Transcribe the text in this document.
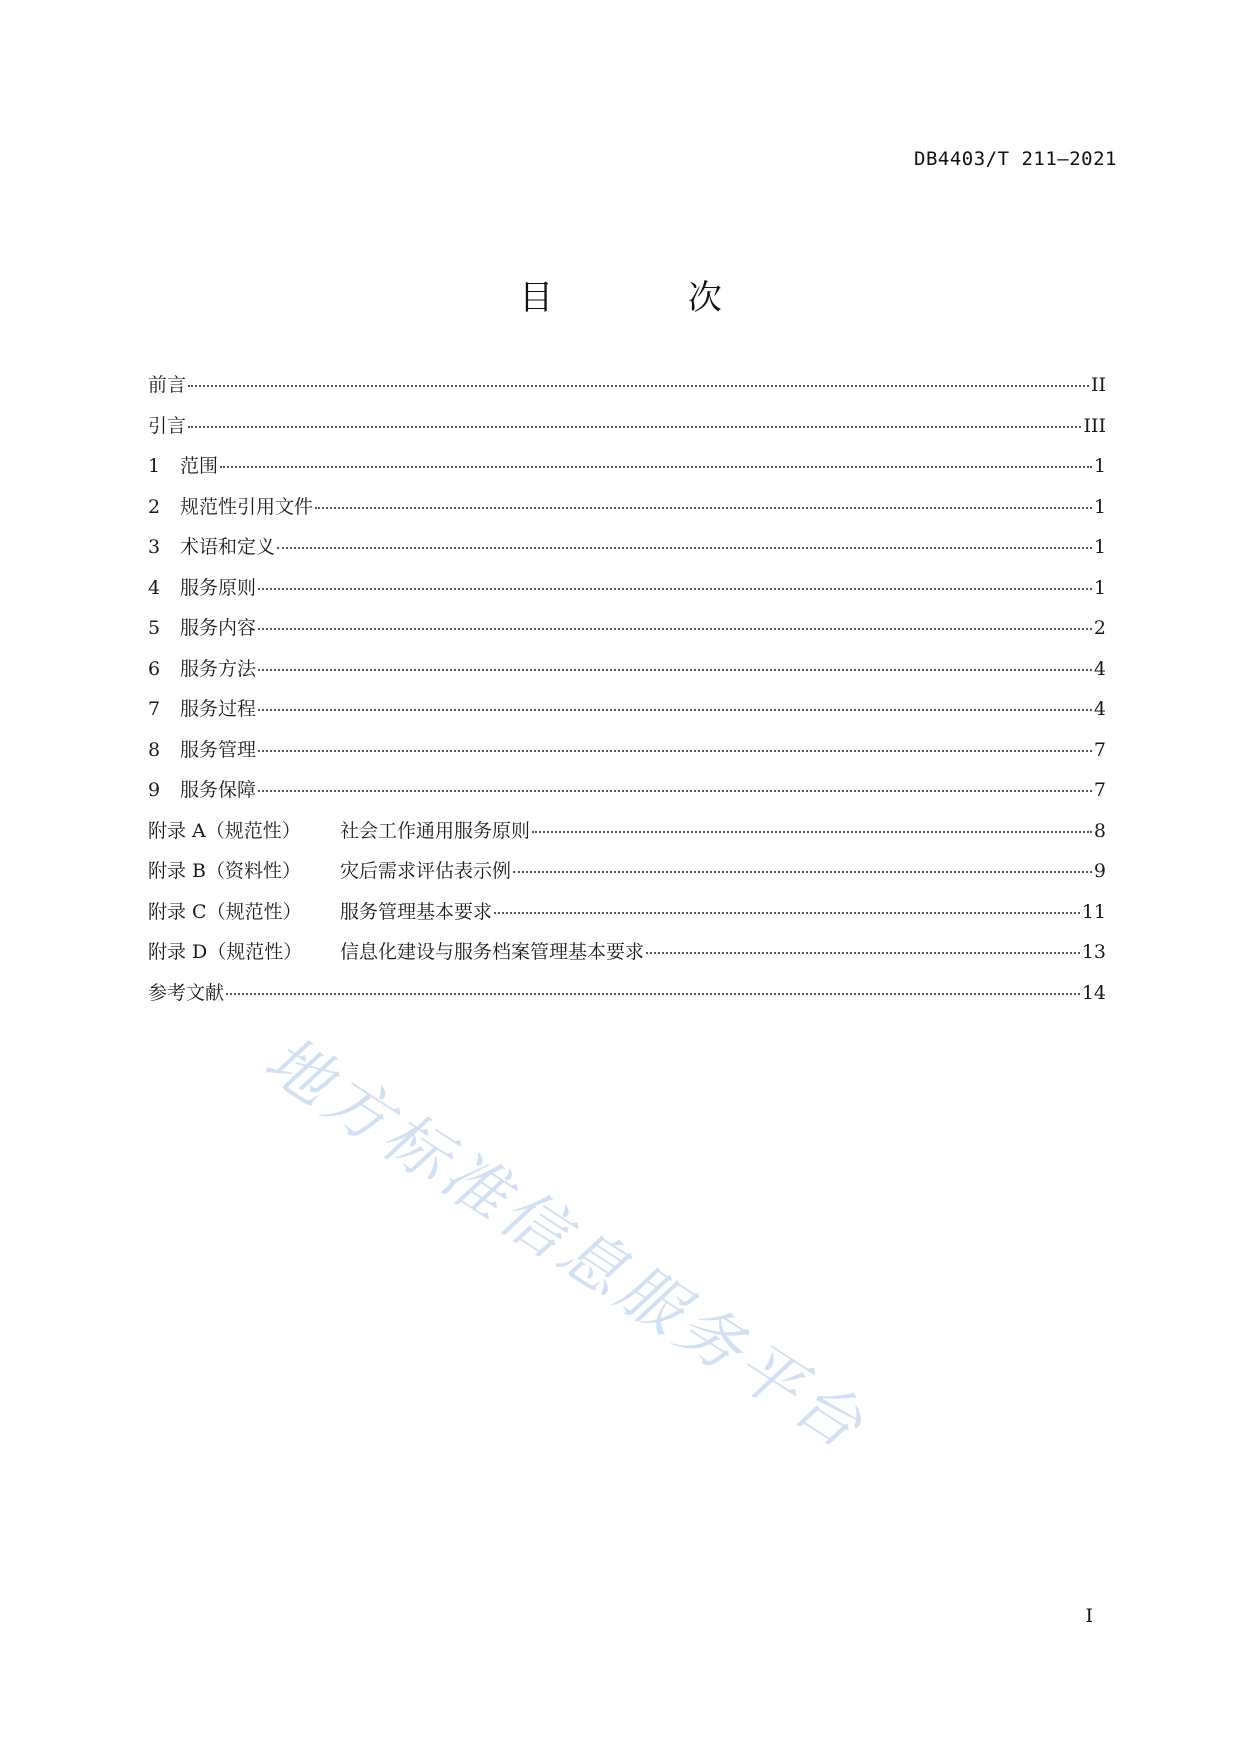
DB4403/T 211—2021
目 次
前言	II
引言	III
1 范围	1
2 规范性引用文件	1
3 术语和定义	1
4 服务原则	1
5 服务内容	2
6 服务方法	4
7 服务过程	4
8 服务管理	7
9 服务保障	7
附录 A（规范性） 社会工作通用服务原则	8
附录 B（资料性） 灾后需求评估表示例	9
附录 C（规范性） 服务管理基本要求	11
附录 D（规范性） 信息化建设与服务档案管理基本要求	13
参考文献	14
地方标准信息服务平台
I
